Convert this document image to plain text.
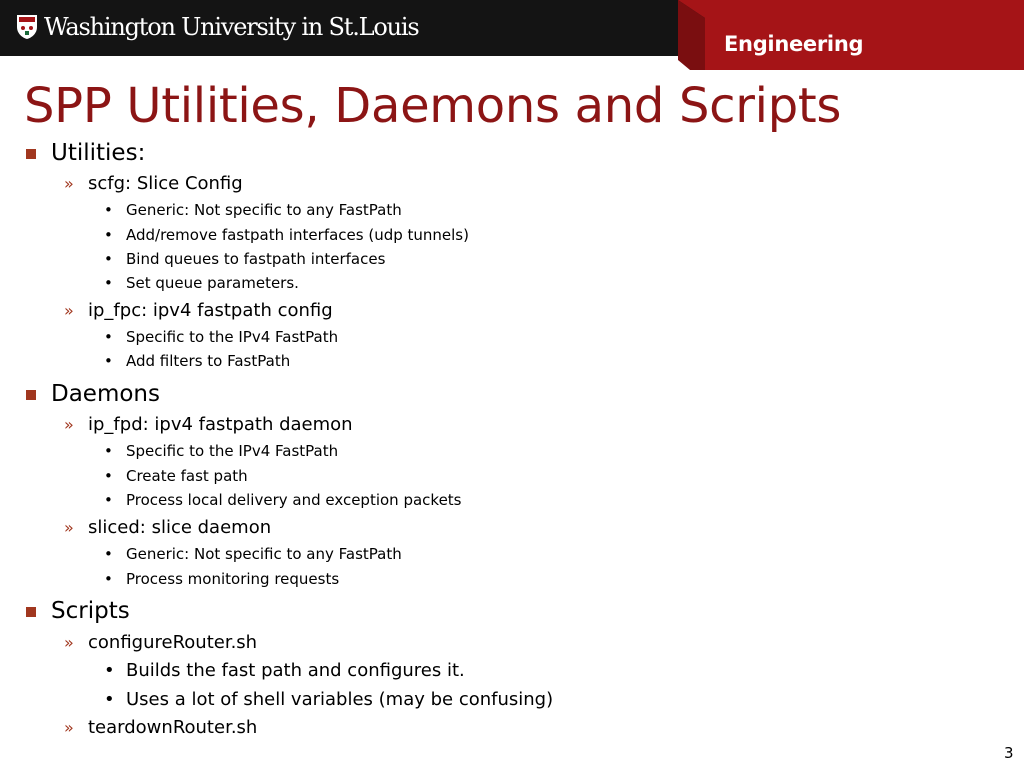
Washington University in St.Louis
Engineering
SPP Utilities, Daemons and Scripts
Utilities:
» scfg: Slice Config
• Generic: Not specific to any FastPath
• Add/remove fastpath interfaces (udp tunnels)
• Bind queues to fastpath interfaces
• Set queue parameters.
» ip_fpc: ipv4 fastpath config
• Specific to the IPv4 FastPath
• Add filters to FastPath
Daemons
» ip_fpd: ipv4 fastpath daemon
• Specific to the IPv4 FastPath
• Create fast path
• Process local delivery and exception packets
» sliced: slice daemon
• Generic: Not specific to any FastPath
• Process monitoring requests
Scripts
» configureRouter.sh
• Builds the fast path and configures it.
• Uses a lot of shell variables (may be confusing)
» teardownRouter.sh
3
